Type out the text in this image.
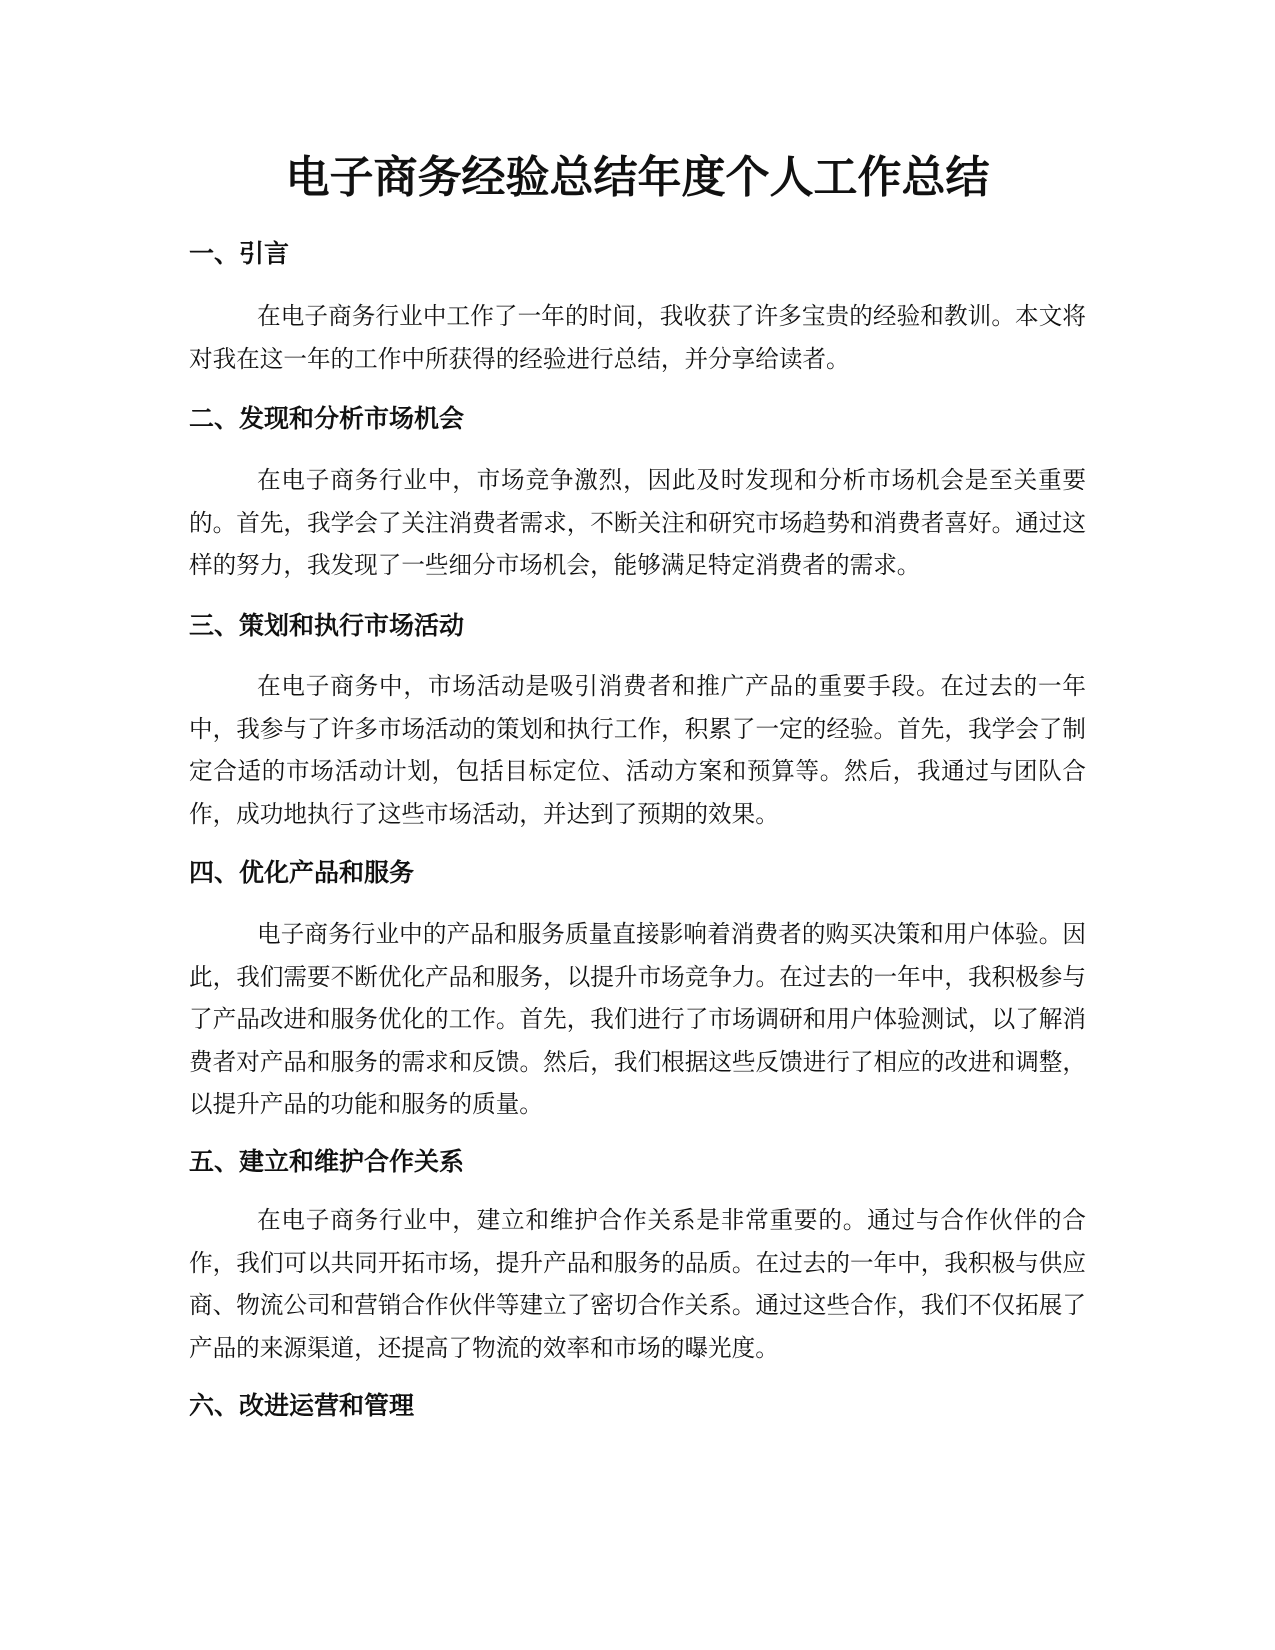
电子商务经验总结年度个人工作总结
一、引言

在电子商务行业中工作了一年的时间，我收获了许多宝贵的经验和教训。本文将对我在这一年的工作中所获得的经验进行总结，并分享给读者。

二、发现和分析市场机会

在电子商务行业中，市场竞争激烈，因此及时发现和分析市场机会是至关重要的。首先，我学会了关注消费者需求，不断关注和研究市场趋势和消费者喜好。通过这样的努力，我发现了一些细分市场机会，能够满足特定消费者的需求。

三、策划和执行市场活动

在电子商务中，市场活动是吸引消费者和推广产品的重要手段。在过去的一年中，我参与了许多市场活动的策划和执行工作，积累了一定的经验。首先，我学会了制定合适的市场活动计划，包括目标定位、活动方案和预算等。然后，我通过与团队合作，成功地执行了这些市场活动，并达到了预期的效果。

四、优化产品和服务

电子商务行业中的产品和服务质量直接影响着消费者的购买决策和用户体验。因此，我们需要不断优化产品和服务，以提升市场竞争力。在过去的一年中，我积极参与了产品改进和服务优化的工作。首先，我们进行了市场调研和用户体验测试，以了解消费者对产品和服务的需求和反馈。然后，我们根据这些反馈进行了相应的改进和调整，以提升产品的功能和服务的质量。

五、建立和维护合作关系

在电子商务行业中，建立和维护合作关系是非常重要的。通过与合作伙伴的合作，我们可以共同开拓市场，提升产品和服务的品质。在过去的一年中，我积极与供应商、物流公司和营销合作伙伴等建立了密切合作关系。通过这些合作，我们不仅拓展了产品的来源渠道，还提高了物流的效率和市场的曝光度。

六、改进运营和管理
